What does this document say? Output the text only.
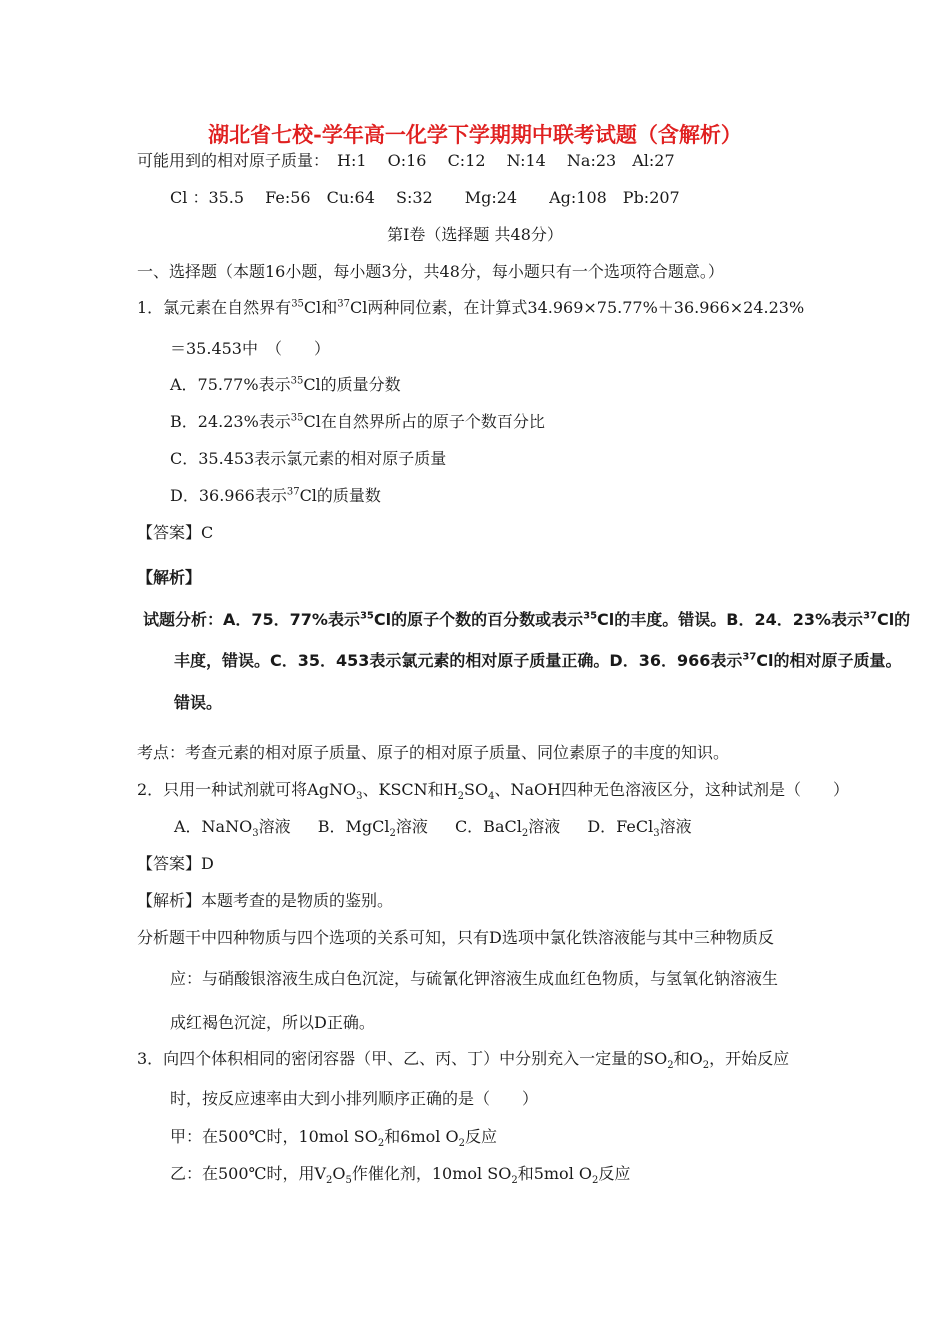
湖北省七校-学年高一化学下学期期中联考试题（含解析）
可能用到的相对原子质量：　H:1　 O:16　 C:12　 N:14　 Na:23　Al:27
Cl ：35.5　 Fe:56　Cu:64　 S:32　　Mg:24　　Ag:108　Pb:207
第Ⅰ卷（选择题 共48分）
一、选择题（本题16小题，每小题3分，共48分，每小题只有一个选项符合题意。）
1．氯元素在自然界有$^{35}$Cl和$^{37}$Cl两种同位素，在计算式34.969×75.77%＋36.966×24.23%
＝35.453中　（　　）
A．75.77%表示$^{35}$Cl的质量分数
B．24.23%表示$^{35}$Cl在自然界所占的原子个数百分比
C．35.453表示氯元素的相对原子质量
D．36.966表示$^{37}$Cl的质量数
【答案】C
【解析】
试题分析：A．75．77%表示$^{35}$Cl的原子个数的百分数或表示$^{35}$Cl的丰度。错误。B．24．23%表示$^{37}$Cl的
丰度，错误。C．35．453表示氯元素的相对原子质量正确。D．36．966表示$^{37}$Cl的相对原子质量。
错误。
考点：考查元素的相对原子质量、原子的相对原子质量、同位素原子的丰度的知识。
2．只用一种试剂就可将AgNO$_3$、KSCN和$H_2SO_4$、NaOH四种无色溶液区分，这种试剂是（　　）
A．NaNO$_3$溶液 B．MgCl$_2$溶液 C．BaCl$_2$溶液 D．FeCl$_3$溶液
【答案】D
【解析】本题考查的是物质的鉴别。
分析题干中四种物质与四个选项的关系可知，只有D选项中氯化铁溶液能与其中三种物质反
应：与硝酸银溶液生成白色沉淀，与硫氰化钾溶液生成血红色物质，与氢氧化钠溶液生
成红褐色沉淀，所以D正确。
3．向四个体积相同的密闭容器（甲、乙、丙、丁）中分别充入一定量的$SO_2$和$O_2$，开始反应
时，按反应速率由大到小排列顺序正确的是（　　）
甲：在500℃时，10mol $SO_2$和6mol $O_2$反应
乙：在500℃时，用$V_2O_5$作催化剂，10mol $SO_2$和5mol $O_2$反应
